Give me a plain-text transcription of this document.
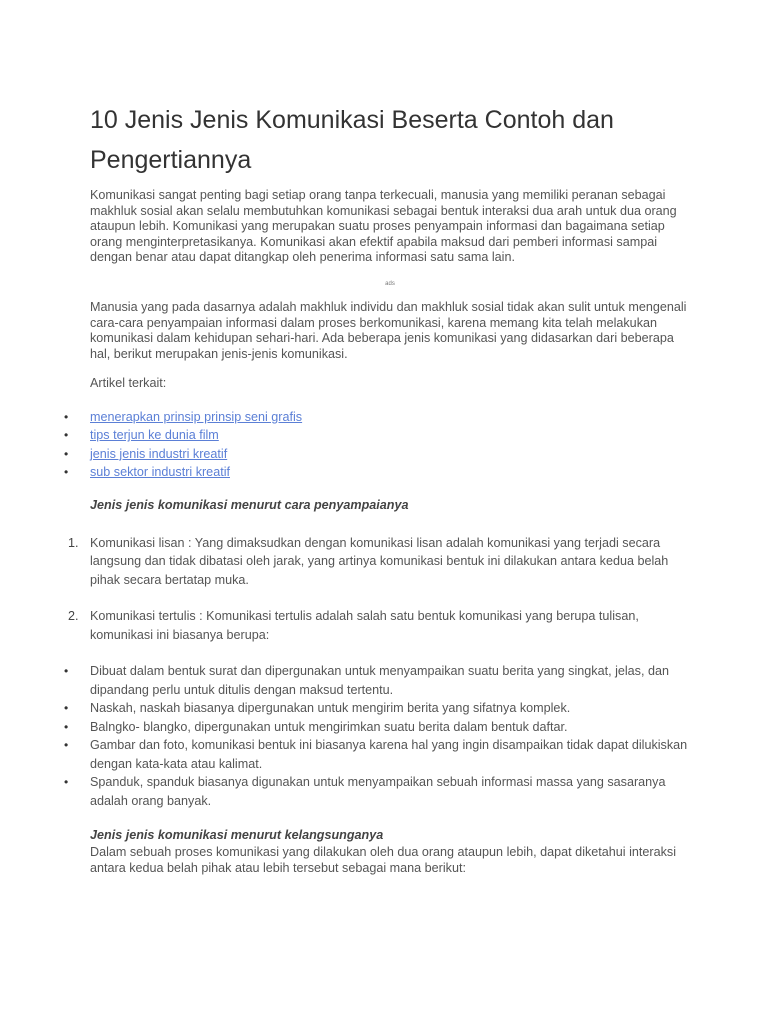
10 Jenis Jenis Komunikasi Beserta Contoh dan Pengertiannya

Komunikasi sangat penting bagi setiap orang tanpa terkecuali, manusia yang memiliki peranan sebagai makhluk sosial akan selalu membutuhkan komunikasi sebagai bentuk interaksi dua arah untuk dua orang ataupun lebih. Komunikasi yang merupakan suatu proses penyampain informasi dan bagaimana setiap orang menginterpretasikanya. Komunikasi akan efektif apabila maksud dari pemberi informasi sampai dengan benar atau dapat ditangkap oleh penerima informasi satu sama lain.

ads

Manusia yang pada dasarnya adalah makhluk individu dan makhluk sosial tidak akan sulit untuk mengenali cara-cara penyampaian informasi dalam proses berkomunikasi, karena memang kita telah melakukan komunikasi dalam kehidupan sehari-hari. Ada beberapa jenis komunikasi yang didasarkan dari beberapa hal, berikut merupakan jenis-jenis komunikasi.

Artikel terkait:

• menerapkan prinsip prinsip seni grafis
• tips terjun ke dunia film
• jenis jenis industri kreatif
• sub sektor industri kreatif
Jenis jenis komunikasi menurut cara penyampaianya
1. Komunikasi lisan : Yang dimaksudkan dengan komunikasi lisan adalah komunikasi yang terjadi secara langsung dan tidak dibatasi oleh jarak, yang artinya komunikasi bentuk ini dilakukan antara kedua belah pihak secara bertatap muka.
2. Komunikasi tertulis : Komunikasi tertulis adalah salah satu bentuk komunikasi yang berupa tulisan, komunikasi ini biasanya berupa:
• Dibuat dalam bentuk surat dan dipergunakan untuk menyampaikan suatu berita yang singkat, jelas, dan dipandang perlu untuk ditulis dengan maksud tertentu.
• Naskah, naskah biasanya dipergunakan untuk mengirim berita yang sifatnya komplek.
• Balngko- blangko, dipergunakan untuk mengirimkan suatu berita dalam bentuk daftar.
• Gambar dan foto, komunikasi bentuk ini biasanya karena hal yang ingin disampaikan tidak dapat dilukiskan dengan kata-kata atau kalimat.
• Spanduk, spanduk biasanya digunakan untuk menyampaikan sebuah informasi massa yang sasaranya adalah orang banyak.
Jenis jenis komunikasi menurut kelangsunganya

Dalam sebuah proses komunikasi yang dilakukan oleh dua orang ataupun lebih, dapat diketahui interaksi antara kedua belah pihak atau lebih tersebut sebagai mana berikut:
